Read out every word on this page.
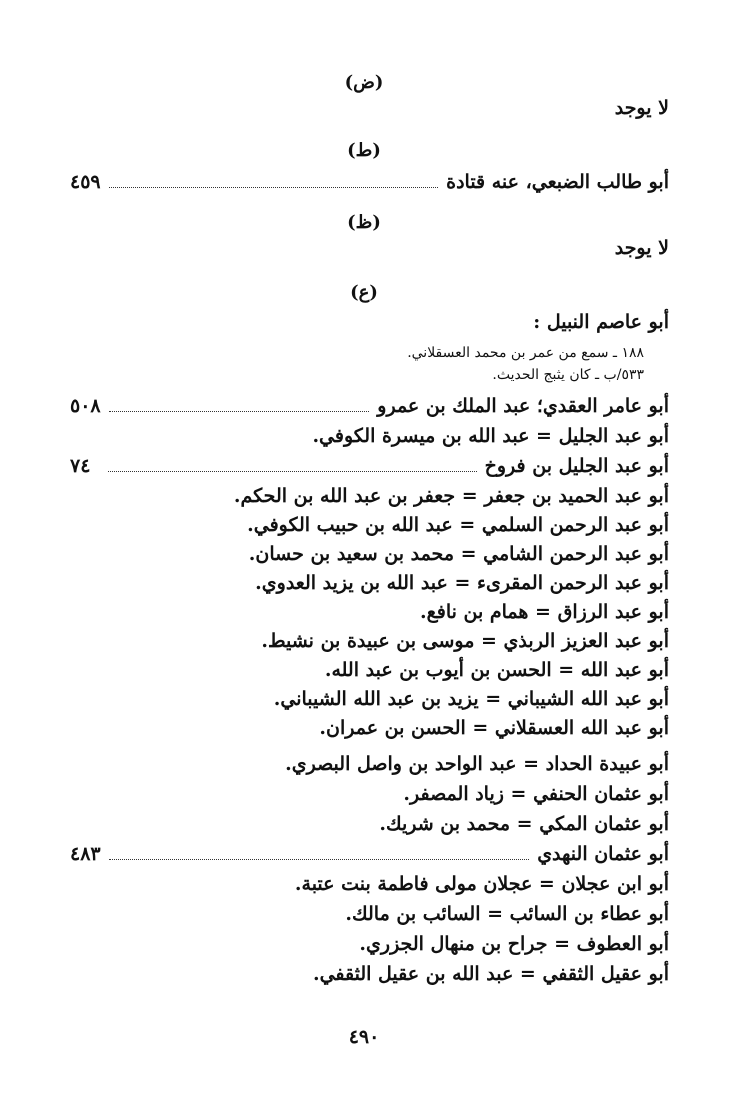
(ض)
لا يوجد
(ط)
أبو طالب الضبعي، عنه قتادة
٤٥٩
(ظ)
لا يوجد
(ع)
أبو عاصم النبيل :
١٨٨ ـ سمع من عمر بن محمد العسقلاني.
٥٣٣/ب ـ كان يثبج الحديث.
أبو عامر العقدي؛ عبد الملك بن عمرو
٥٠٨
أبو عبد الجليل = عبد الله بن ميسرة الكوفي.
أبو عبد الجليل بن فروخ
٧٤
أبو عبد الحميد بن جعفر = جعفر بن عبد الله بن الحكم.
أبو عبد الرحمن السلمي = عبد الله بن حبيب الكوفي.
أبو عبد الرحمن الشامي = محمد بن سعيد بن حسان.
أبو عبد الرحمن المقرىء = عبد الله بن يزيد العدوي.
أبو عبد الرزاق = همام بن نافع.
أبو عبد العزيز الربذي = موسى بن عبيدة بن نشيط.
أبو عبد الله = الحسن بن أيوب بن عبد الله.
أبو عبد الله الشيباني = يزيد بن عبد الله الشيباني.
أبو عبد الله العسقلاني = الحسن بن عمران.
أبو عبيدة الحداد = عبد الواحد بن واصل البصري.
أبو عثمان الحنفي = زياد المصفر.
أبو عثمان المكي = محمد بن شريك.
أبو عثمان النهدي
٤٨٣
أبو ابن عجلان = عجلان مولى فاطمة بنت عتبة.
أبو عطاء بن السائب = السائب بن مالك.
أبو العطوف = جراح بن منهال الجزري.
أبو عقيل الثقفي = عبد الله بن عقيل الثقفي.
٤٩٠
